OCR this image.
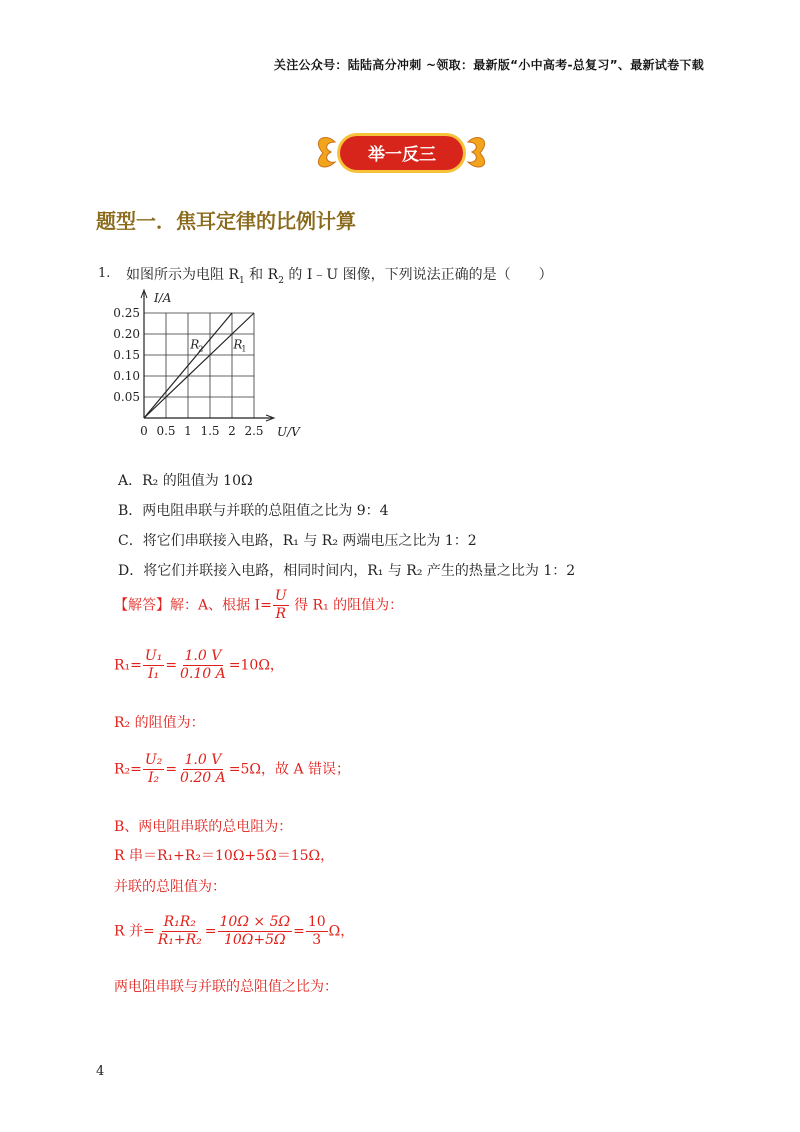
关注公众号：陆陆高分冲刺 ~领取：最新版“小中高考-总复习”、最新试卷下载
举一反三
题型一．焦耳定律的比例计算
1. 如图所示为电阻 $R_1$ 和 $R_2$ 的 I﹣U 图像，下列说法正确的是（　　）
0 0.5 1 1.5 2 2.5
0.05
0.10
0.15
0.20
0.25
I/A
U/V
R
2	R
1
A．R₂ 的阻值为 10Ω
B．两电阻串联与并联的总阻值之比为 9：4
C．将它们串联接入电路，R₁ 与 R₂ 两端电压之比为 1：2
D．将它们并联接入电路，相同时间内，R₁ 与 R₂ 产生的热量之比为 1：2
【解答】解：A、根据 $I= \frac{U}{R}$ 得 R₁ 的阻值为：
$R_1= \frac{\text{U₁}}{\text{I₁}} = \frac{1.0 V}{0.10 A} =10\Omega$，
R₂ 的阻值为：
$R_2= \frac{\text{U₂}}{\text{I₂}} = \frac{1.0 V}{0.20 A} =5\Omega$，故 A 错误；
B、两电阻串联的总电阻为：
R 串＝R₁+R₂＝10Ω+5Ω＝15Ω，
并联的总阻值为：
R 并= $\frac{\text{R₁R₂}}{\text{R₁+R₂}} = \frac{10\Omega \times 5\Omega}{10\Omega+5\Omega} = \frac{10}{3}$ Ω，
两电阻串联与并联的总阻值之比为：
4
